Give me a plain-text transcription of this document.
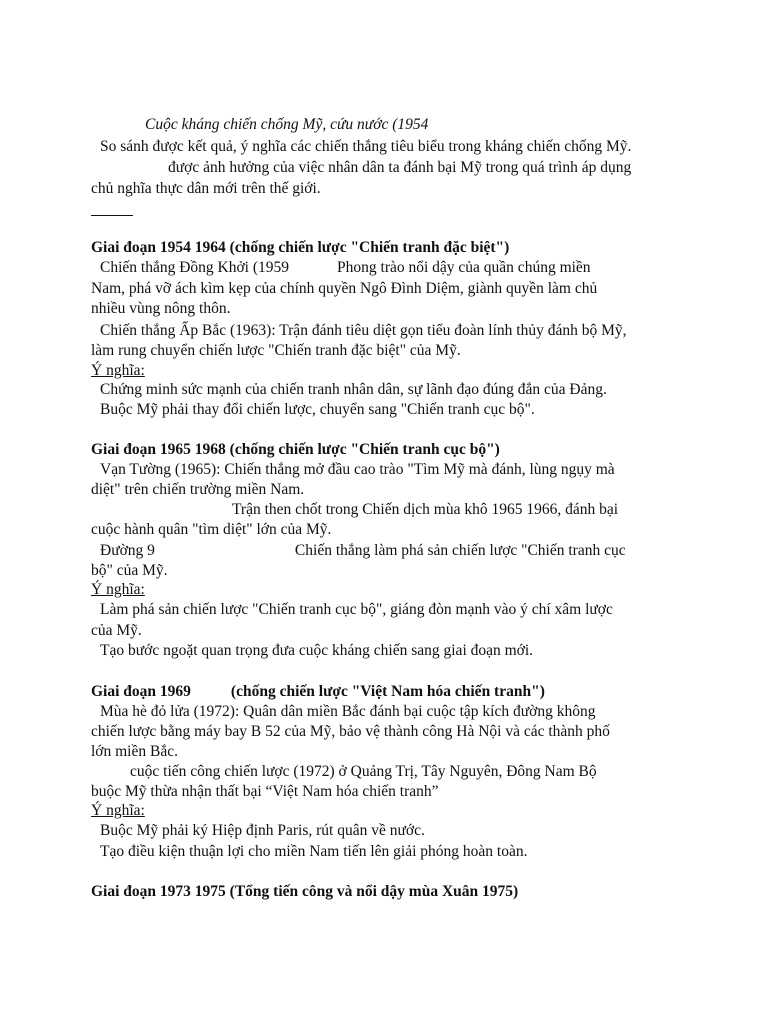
Cuộc kháng chiến chống Mỹ, cứu nước (1954
So sánh được kết quả, ý nghĩa các chiến thắng tiêu biểu trong kháng chiến chống Mỹ.
được ảnh hưởng của việc nhân dân ta đánh bại Mỹ trong quá trình áp dụng
chủ nghĩa thực dân mới trên thế giới.
Giai đoạn 1954 1964 (chống chiến lược "Chiến tranh đặc biệt")
Chiến thắng Đồng Khởi (1959	Phong trào nổi dậy của quần chúng miền
Nam, phá vỡ ách kìm kẹp của chính quyền Ngô Đình Diệm, giành quyền làm chủ
nhiều vùng nông thôn.
Chiến thắng Ấp Bắc (1963): Trận đánh tiêu diệt gọn tiểu đoàn lính thủy đánh bộ Mỹ,
làm rung chuyển chiến lược "Chiến tranh đặc biệt" của Mỹ.
Ý nghĩa:
Chứng minh sức mạnh của chiến tranh nhân dân, sự lãnh đạo đúng đắn của Đảng.
Buộc Mỹ phải thay đổi chiến lược, chuyển sang "Chiến tranh cục bộ".
Giai đoạn 1965 1968 (chống chiến lược "Chiến tranh cục bộ")
Vạn Tường (1965): Chiến thắng mở đầu cao trào "Tìm Mỹ mà đánh, lùng ngụy mà
diệt" trên chiến trường miền Nam.
Trận then chốt trong Chiến dịch mùa khô 1965 1966, đánh bại
cuộc hành quân "tìm diệt" lớn của Mỹ.
Đường 9	Chiến thắng làm phá sản chiến lược "Chiến tranh cục
bộ" của Mỹ.
Ý nghĩa:
Làm phá sản chiến lược "Chiến tranh cục bộ", giáng đòn mạnh vào ý chí xâm lược
của Mỹ.
Tạo bước ngoặt quan trọng đưa cuộc kháng chiến sang giai đoạn mới.
Giai đoạn 1969	(chống chiến lược "Việt Nam hóa chiến tranh")
Mùa hè đỏ lửa (1972): Quân dân miền Bắc đánh bại cuộc tập kích đường không
chiến lược bằng máy bay B 52 của Mỹ, bảo vệ thành công Hà Nội và các thành phố
lớn miền Bắc.
cuộc tiến công chiến lược (1972) ở Quảng Trị, Tây Nguyên, Đông Nam Bộ
buộc Mỹ thừa nhận thất bại “Việt Nam hóa chiến tranh”
Ý nghĩa:
Buộc Mỹ phải ký Hiệp định Paris, rút quân về nước.
Tạo điều kiện thuận lợi cho miền Nam tiến lên giải phóng hoàn toàn.
Giai đoạn 1973 1975 (Tổng tiến công và nổi dậy mùa Xuân 1975)
